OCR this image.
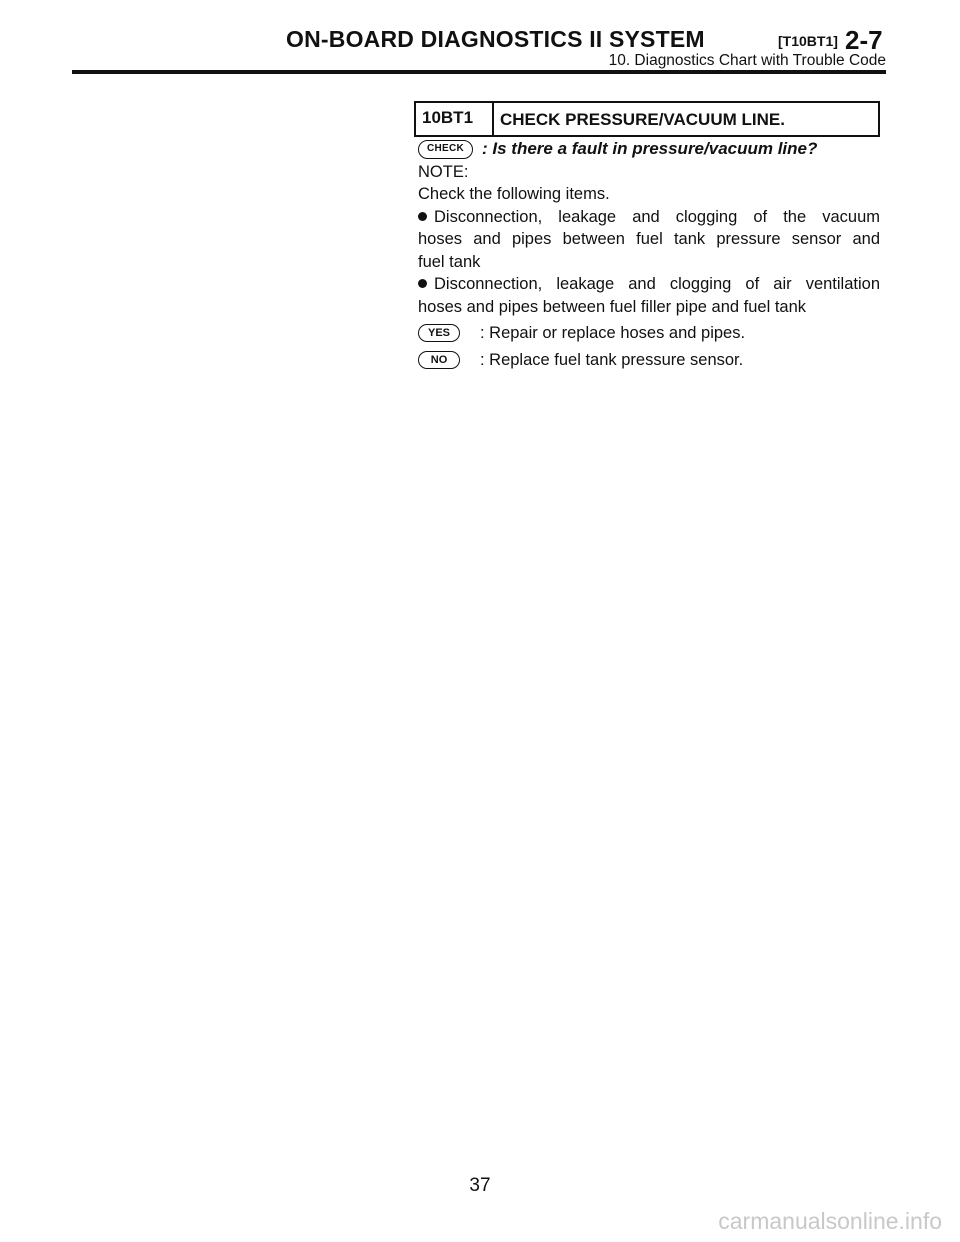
ON-BOARD DIAGNOSTICS II SYSTEM	[T10BT1] 2-7
10. Diagnostics Chart with Trouble Code
10BT1	CHECK PRESSURE/VACUUM LINE.
CHECK	: Is there a fault in pressure/vacuum line?
NOTE:
Check the following items.
Disconnection, leakage and clogging of the vacuum
hoses and pipes between fuel tank pressure sensor and
fuel tank
Disconnection, leakage and clogging of air ventilation
hoses and pipes between fuel filler pipe and fuel tank
YES	: Repair or replace hoses and pipes.
NO	: Replace fuel tank pressure sensor.
37
carmanualsonline.info
